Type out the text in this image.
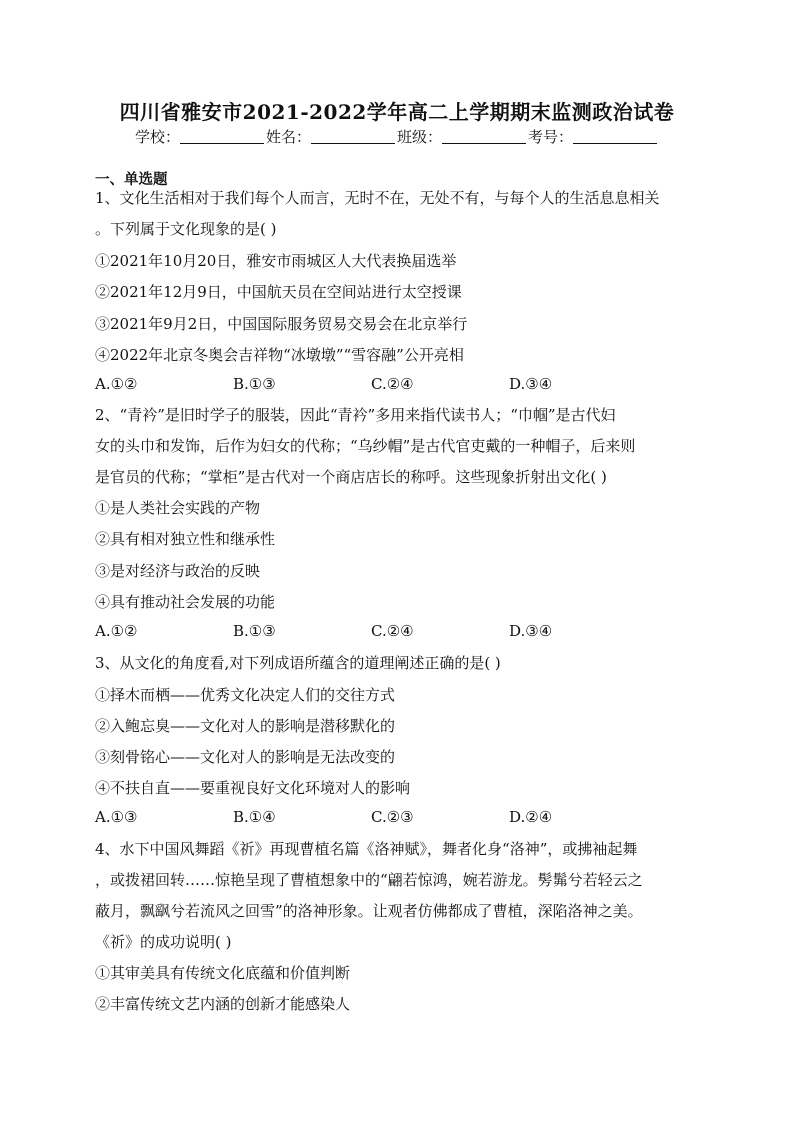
四川省雅安市2021-2022学年高二上学期期末监测政治试卷
学校：	姓名：	班级：	考号：
一、单选题
1、文化生活相对于我们每个人而言，无时不在，无处不有，与每个人的生活息息相关
。下列属于文化现象的是( )
①2021年10月20日，雅安市雨城区人大代表换届选举
②2021年12月9日，中国航天员在空间站进行太空授课
③2021年9月2日，中国国际服务贸易交易会在北京举行
④2022年北京冬奥会吉祥物“冰墩墩”“雪容融”公开亮相
A.①②	B.①③	C.②④	D.③④
2、“青衿”是旧时学子的服装，因此“青衿”多用来指代读书人；“巾帼”是古代妇
女的头巾和发饰，后作为妇女的代称；“乌纱帽”是古代官吏戴的一种帽子，后来则
是官员的代称；“掌柜”是古代对一个商店店长的称呼。这些现象折射出文化( )
①是人类社会实践的产物
②具有相对独立性和继承性
③是对经济与政治的反映
④具有推动社会发展的功能
A.①②	B.①③	C.②④	D.③④
3、从文化的角度看,对下列成语所蕴含的道理阐述正确的是( )
①择木而栖——优秀文化决定人们的交往方式
②入鲍忘臭——文化对人的影响是潜移默化的
③刻骨铭心——文化对人的影响是无法改变的
④不扶自直——要重视良好文化环境对人的影响
A.①③	B.①④	C.②③	D.②④
4、水下中国风舞蹈《祈》再现曹植名篇《洛神赋》，舞者化身“洛神”，或拂袖起舞
，或拨裙回转……惊艳呈现了曹植想象中的“翩若惊鸿，婉若游龙。髣髴兮若轻云之
蔽月，飘飖兮若流风之回雪”的洛神形象。让观者仿佛都成了曹植，深陷洛神之美。
《祈》的成功说明( )
①其审美具有传统文化底蕴和价值判断
②丰富传统文艺内涵的创新才能感染人
